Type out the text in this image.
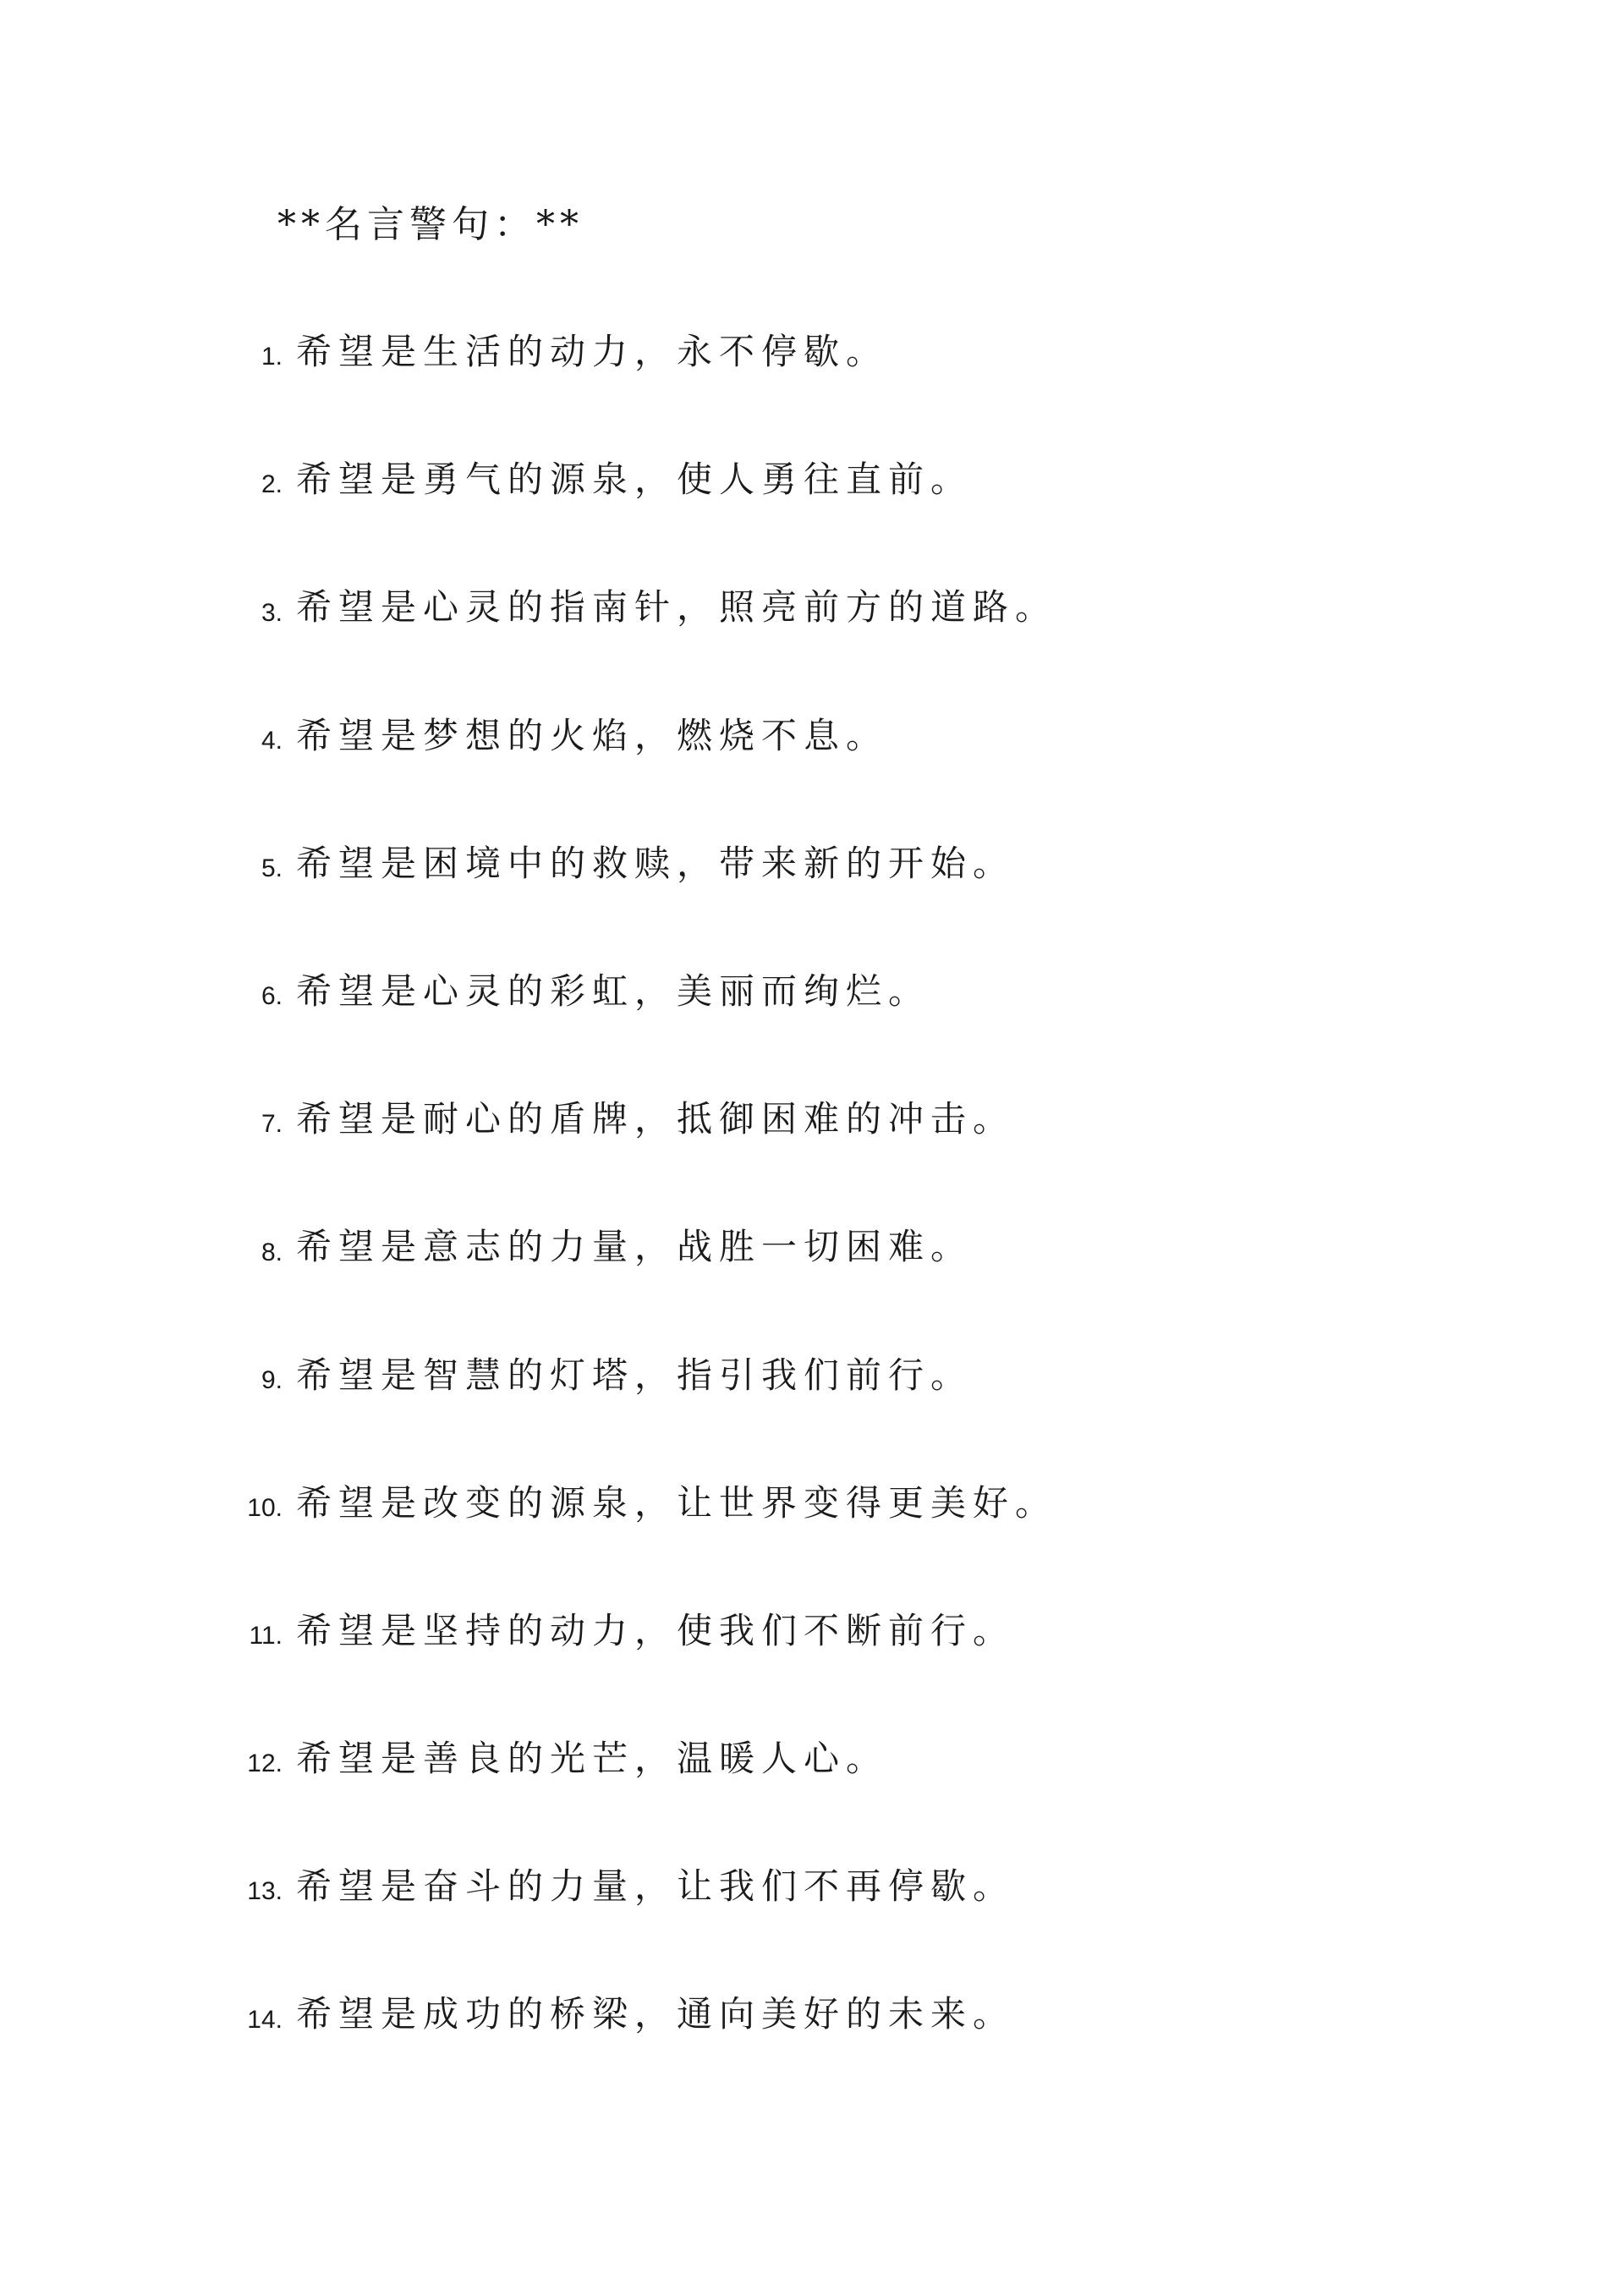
**名言警句：**
1. 希望是生活的动力，永不停歇。
2. 希望是勇气的源泉，使人勇往直前。
3. 希望是心灵的指南针，照亮前方的道路。
4. 希望是梦想的火焰，燃烧不息。
5. 希望是困境中的救赎，带来新的开始。
6. 希望是心灵的彩虹，美丽而绚烂。
7. 希望是耐心的盾牌，抵御困难的冲击。
8. 希望是意志的力量，战胜一切困难。
9. 希望是智慧的灯塔，指引我们前行。
10. 希望是改变的源泉，让世界变得更美好。
11. 希望是坚持的动力，使我们不断前行。
12. 希望是善良的光芒，温暖人心。
13. 希望是奋斗的力量，让我们不再停歇。
14. 希望是成功的桥梁，通向美好的未来。
